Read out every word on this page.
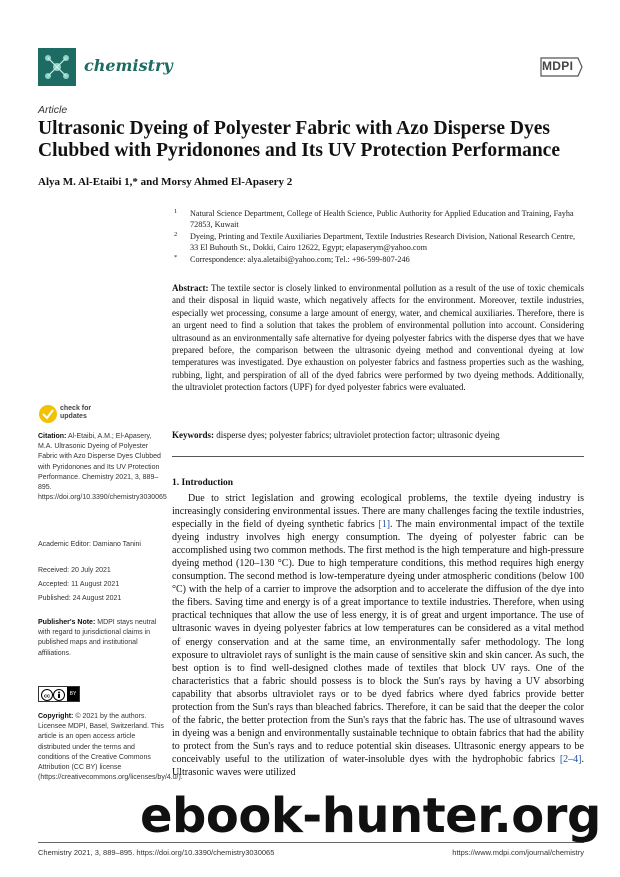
chemistry	MDPI
Article
Ultrasonic Dyeing of Polyester Fabric with Azo Disperse Dyes Clubbed with Pyridonones and Its UV Protection Performance
Alya M. Al-Etaibi 1,* and Morsy Ahmed El-Apasery 2
1 Natural Science Department, College of Health Science, Public Authority for Applied Education and Training, Fayha 72853, Kuwait
2 Dyeing, Printing and Textile Auxiliaries Department, Textile Industries Research Division, National Research Centre, 33 El Buhouth St., Dokki, Cairo 12622, Egypt; elapaserym@yahoo.com
* Correspondence: alya.aletaibi@yahoo.com; Tel.: +96-599-807-246
Abstract: The textile sector is closely linked to environmental pollution as a result of the use of toxic chemicals and their disposal in liquid waste, which negatively affects for the environment. Moreover, textile industries, especially wet processing, consume a large amount of energy, water, and chemical auxiliaries. Therefore, there is an urgent need to find a solution that takes the problem of environmental pollution into account. Considering ultrasound as an environmentally safe alternative for dyeing polyester fabrics with the disperse dyes that we have prepared before, the comparison between the ultrasonic dyeing method and conventional dyeing at low temperatures was investigated. Dye exhaustion on polyester fabrics and fastness properties such as the washing, rubbing, light, and perspiration of all of the dyed fabrics were performed by two dyeing methods. Additionally, the ultraviolet protection factors (UPF) for dyed polyester fabrics were evaluated.
Keywords: disperse dyes; polyester fabrics; ultraviolet protection factor; ultrasonic dyeing
check for updates
Citation: Al-Etaibi, A.M.; El-Apasery, M.A. Ultrasonic Dyeing of Polyester Fabric with Azo Disperse Dyes Clubbed with Pyridonones and Its UV Protection Performance. Chemistry 2021, 3, 889–895. https://doi.org/10.3390/chemistry3030065
Academic Editor: Damiano Tanini
Received: 20 July 2021
Accepted: 11 August 2021
Published: 24 August 2021
Publisher's Note: MDPI stays neutral with regard to jurisdictional claims in published maps and institutional affiliations.
cc	BY
Copyright: © 2021 by the authors. Licensee MDPI, Basel, Switzerland. This article is an open access article distributed under the terms and conditions of the Creative Commons Attribution (CC BY) license (https://creativecommons.org/licenses/by/4.0/).
1. Introduction

Due to strict legislation and growing ecological problems, the textile dyeing industry is increasingly considering environmental issues. There are many challenges facing the textile industries, especially in the field of dyeing synthetic fabrics [1]. The main environmental impact of the textile dyeing industry involves high energy consumption. The dyeing of polyester fabric can be accomplished using two common methods. The first method is the high temperature and high-pressure dyeing method (120–130 °C). Due to high temperature conditions, this method requires high energy consumption. The second method is low-temperature dyeing under atmospheric conditions (below 100 °C) with the help of a carrier to improve the adsorption and to accelerate the diffusion of the dye into the fibers. Saving time and energy is of a great importance to textile industries. Therefore, when using practical techniques that allow the use of less energy, it is of great and urgent importance. The use of ultrasonic waves in dyeing polyester fabrics at low temperatures can be considered as a vital method of energy conservation and at the same time, an environmentally safer methodology. The long exposure to ultraviolet rays of sunlight is the main cause of sensitive skin and skin cancer. As such, the best option is to find well-designed clothes made of textiles that block UV rays. One of the characteristics that a fabric should possess is to block the Sun's rays by having a UV absorbing capability that absorbs ultraviolet rays or to be dyed fabrics where dyed fabrics provide better protection from the Sun's rays than bleached fabrics. Therefore, it can be said that the deeper the color of the fabric, the better protection from the Sun's rays that the fabric has. The use of ultrasound waves in dyeing was a benign and environmentally sustainable technique to obtain fabrics that had the ability to protect from the Sun's rays and to reduce potential skin diseases. Ultrasonic energy appears to be conceivably useful to the utilization of water-insoluble dyes with the hydrophobic fabrics [2–4]. Ultrasonic waves were utilized

Chemistry 2021, 3, 889–895. https://doi.org/10.3390/chemistry3030065	https://www.mdpi.com/journal/chemistry
ebook-hunter.org
